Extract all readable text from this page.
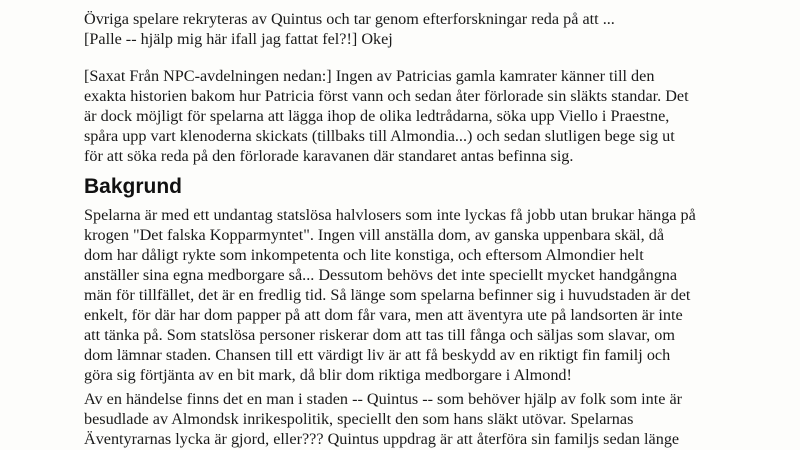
Övriga spelare rekryteras av Quintus och tar genom efterforskningar reda på att ...
[Palle -- hjälp mig här ifall jag fattat fel?!] Okej
[Saxat Från NPC-avdelningen nedan:] Ingen av Patricias gamla kamrater känner till den
exakta historien bakom hur Patricia först vann och sedan åter förlorade sin släkts standar. Det
är dock möjligt för spelarna att lägga ihop de olika ledtrådarna, söka upp Viello i Praestne,
spåra upp vart klenoderna skickats (tillbaks till Almondia...) och sedan slutligen bege sig ut
för att söka reda på den förlorade karavanen där standaret antas befinna sig.
Bakgrund
Spelarna är med ett undantag statslösa halvlosers som inte lyckas få jobb utan brukar hänga på
krogen "Det falska Kopparmyntet". Ingen vill anställa dom, av ganska uppenbara skäl, då
dom har dåligt rykte som inkompetenta och lite konstiga, och eftersom Almondier helt
anställer sina egna medborgare så... Dessutom behövs det inte speciellt mycket handgångna
män för tillfället, det är en fredlig tid. Så länge som spelarna befinner sig i huvudstaden är det
enkelt, för där har dom papper på att dom får vara, men att äventyra ute på landsorten är inte
att tänka på. Som statslösa personer riskerar dom att tas till fånga och säljas som slavar, om
dom lämnar staden. Chansen till ett värdigt liv är att få beskydd av en riktigt fin familj och
göra sig förtjänta av en bit mark, då blir dom riktiga medborgare i Almond!
Av en händelse finns det en man i staden -- Quintus -- som behöver hjälp av folk som inte är
besudlade av Almondsk inrikespolitik, speciellt den som hans släkt utövar. Spelarnas
Äventyrarnas lycka är gjord, eller??? Quintus uppdrag är att återföra sin familjs sedan länge
